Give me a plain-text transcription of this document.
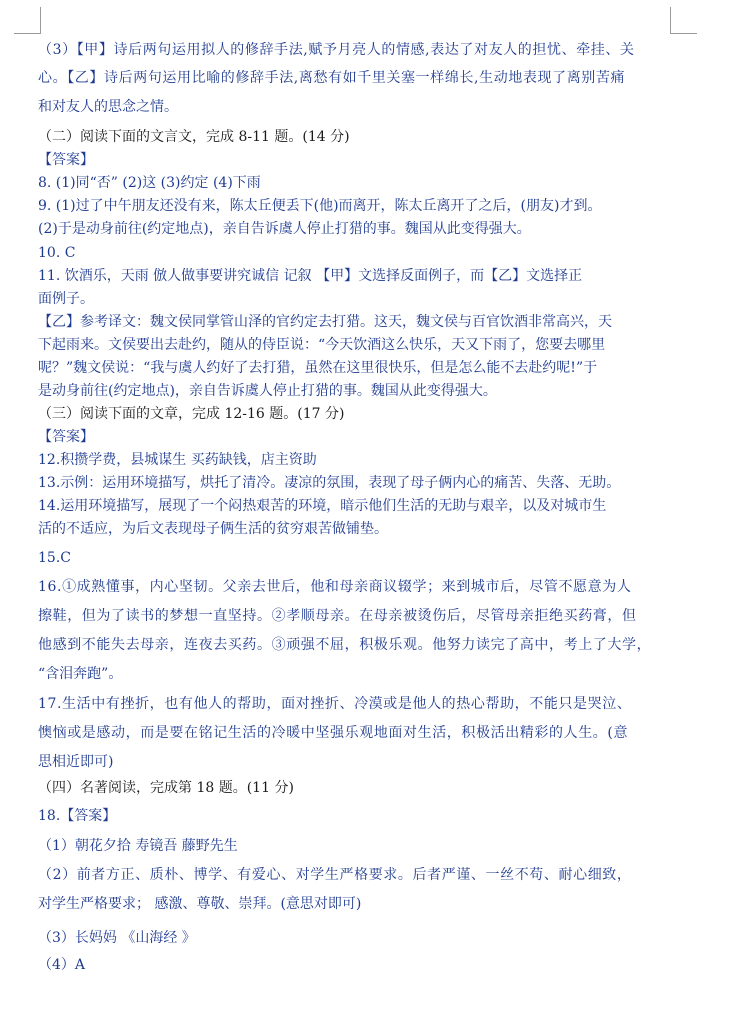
（3）【甲】诗后两句运用拟人的修辞手法,赋予月亮人的情感,表达了对友人的担忧、牵挂、关
心。【乙】诗后两句运用比喻的修辞手法,离愁有如千里关塞一样绵长,生动地表现了离别苦痛
和对友人的思念之情。
（二）阅读下面的文言文，完成 8-11 题。(14 分)
【答案】
8. (1)同“否” (2)这 (3)约定 (4)下雨
9. (1)过了中午朋友还没有来，陈太丘便丢下(他)而离开，陈太丘离开了之后，(朋友)才到。
(2)于是动身前往(约定地点)，亲自告诉虞人停止打猎的事。魏国从此变得强大。
10. C
11. 饮酒乐，天雨 倣人做事要讲究诚信 记叙 【甲】文选择反面例子，而【乙】文选择正
面例子。
【乙】参考译文：魏文侯同掌管山泽的官约定去打猎。这天，魏文侯与百官饮酒非常高兴，天
下起雨来。文侯要出去赴约，随从的侍臣说：“今天饮酒这么快乐，天又下雨了，您要去哪里
呢？”魏文侯说：“我与虞人约好了去打猎，虽然在这里很快乐，但是怎么能不去赴约呢!”于
是动身前往(约定地点)，亲自告诉虞人停止打猎的事。魏国从此变得强大。
（三）阅读下面的文章，完成 12-16 题。(17 分)
【答案】
12.积攒学费，县城谋生 买药缺钱，店主资助
13.示例：运用环境描写，烘托了清冷。凄凉的氛围，表现了母子俩内心的痛苦、失落、无助。
14.运用环境描写，展现了一个闷热艰苦的环境，暗示他们生活的无助与艰辛，以及对城市生
活的不适应，为后文表现母子俩生活的贫穷艰苦做铺垫。
15.C
16.①成熟懂事，内心坚韧。父亲去世后，他和母亲商议辍学；来到城市后，尽管不愿意为人
擦鞋，但为了读书的梦想一直坚持。②孝顺母亲。在母亲被烫伤后，尽管母亲拒绝买药膏，但
他感到不能失去母亲，连夜去买药。③顽强不屈，积极乐观。他努力读完了高中，考上了大学，
“含泪奔跑”。
17.生活中有挫折，也有他人的帮助，面对挫折、冷漠或是他人的热心帮助，不能只是哭泣、
懊恼或是感动，而是要在铭记生活的冷暖中坚强乐观地面对生活，积极活出精彩的人生。(意
思相近即可)
（四）名著阅读，完成第 18 题。(11 分)
18.【答案】
（1）朝花夕拾 寿镜吾 藤野先生
（2）前者方正、质朴、博学、有爱心、对学生严格要求。后者严谨、一丝不苟、耐心细致，
对学生严格要求； 感激、尊敬、崇拜。(意思对即可)
（3）长妈妈 《山海经 》
（4）A
